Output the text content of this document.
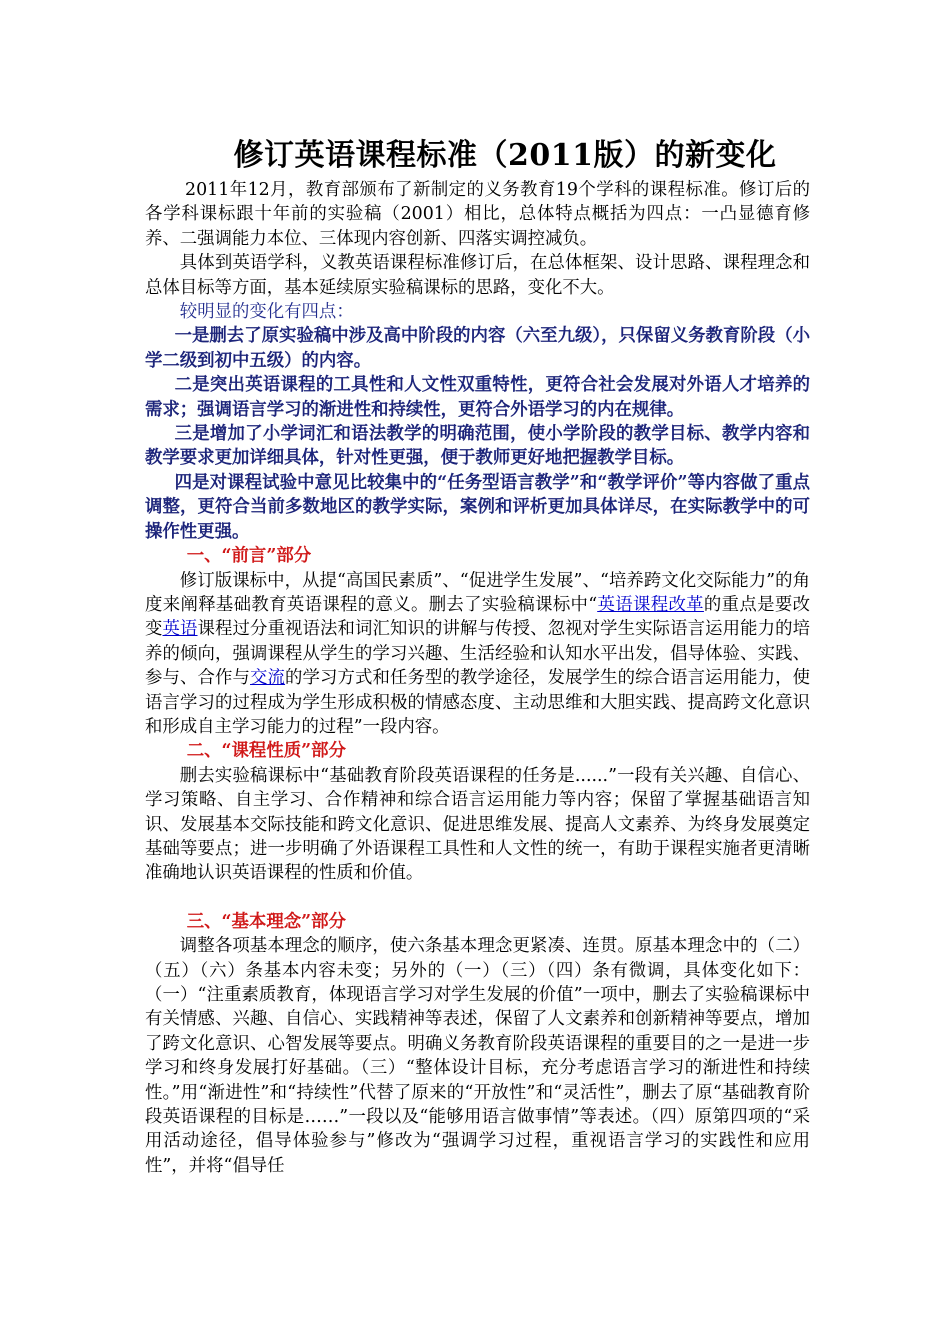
修订英语课程标准（2011版）的新变化

2011年12月，教育部颁布了新制定的义务教育19个学科的课程标准。修订后的各学科课标跟十年前的实验稿（2001）相比，总体特点概括为四点：一凸显德育修养、二强调能力本位、三体现内容创新、四落实调控减负。

具体到英语学科，义教英语课程标准修订后，在总体框架、设计思路、课程理念和总体目标等方面，基本延续原实验稿课标的思路，变化不大。

较明显的变化有四点：

一是删去了原实验稿中涉及高中阶段的内容（六至九级），只保留义务教育阶段（小学二级到初中五级）的内容。

二是突出英语课程的工具性和人文性双重特性，更符合社会发展对外语人才培养的需求；强调语言学习的渐进性和持续性，更符合外语学习的内在规律。

三是增加了小学词汇和语法教学的明确范围，使小学阶段的教学目标、教学内容和教学要求更加详细具体，针对性更强，便于教师更好地把握教学目标。

四是对课程试验中意见比较集中的“任务型语言教学”和“教学评价”等内容做了重点调整，更符合当前多数地区的教学实际，案例和评析更加具体详尽，在实际教学中的可操作性更强。

一、“前言”部分

修订版课标中，从提“高国民素质”、“促进学生发展”、“培养跨文化交际能力”的角度来阐释基础教育英语课程的意义。删去了实验稿课标中“英语课程改革的重点是要改变英语课程过分重视语法和词汇知识的讲解与传授、忽视对学生实际语言运用能力的培养的倾向，强调课程从学生的学习兴趣、生活经验和认知水平出发，倡导体验、实践、参与、合作与交流的学习方式和任务型的教学途径，发展学生的综合语言运用能力，使语言学习的过程成为学生形成积极的情感态度、主动思维和大胆实践、提高跨文化意识和形成自主学习能力的过程”一段内容。

二、“课程性质”部分

删去实验稿课标中“基础教育阶段英语课程的任务是......”一段有关兴趣、自信心、学习策略、自主学习、合作精神和综合语言运用能力等内容；保留了掌握基础语言知识、发展基本交际技能和跨文化意识、促进思维发展、提高人文素养、为终身发展奠定基础等要点；进一步明确了外语课程工具性和人文性的统一，有助于课程实施者更清晰准确地认识英语课程的性质和价值。

三、“基本理念”部分

调整各项基本理念的顺序，使六条基本理念更紧凑、连贯。原基本理念中的（二）（五）（六）条基本内容未变；另外的（一）（三）（四）条有微调，具体变化如下：（一）“注重素质教育，体现语言学习对学生发展的价值”一项中，删去了实验稿课标中有关情感、兴趣、自信心、实践精神等表述，保留了人文素养和创新精神等要点，增加了跨文化意识、心智发展等要点。明确义务教育阶段英语课程的重要目的之一是进一步学习和终身发展打好基础。（三）“整体设计目标，充分考虑语言学习的渐进性和持续性。”用“渐进性”和“持续性”代替了原来的“开放性”和“灵活性”，删去了原“基础教育阶段英语课程的目标是……”一段以及“能够用语言做事情”等表述。（四）原第四项的“采用活动途径，倡导体验参与”修改为“强调学习过程，重视语言学习的实践性和应用性”，并将“倡导任
